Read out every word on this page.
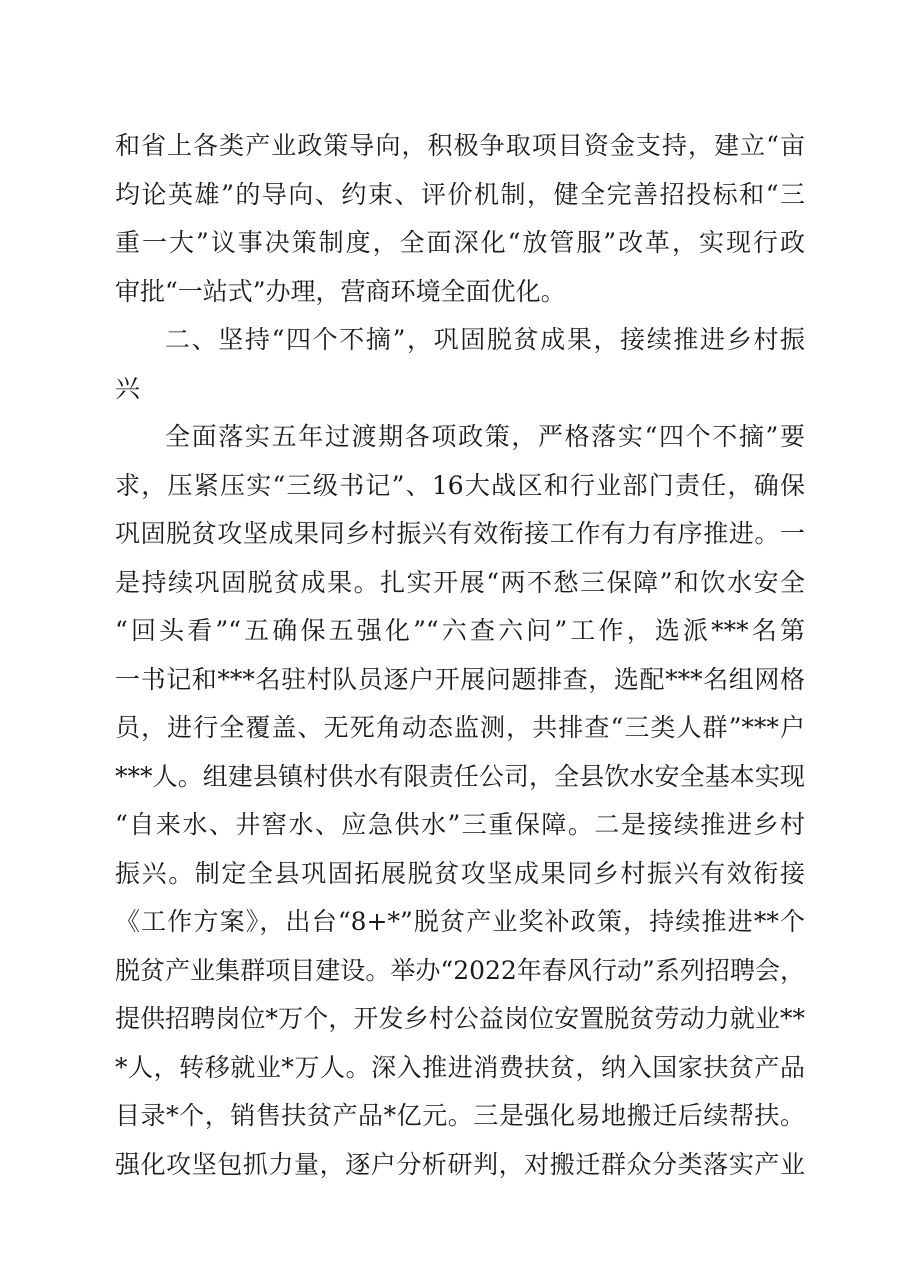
和省上各类产业政策导向，积极争取项目资金支持，建立“亩
均论英雄”的导向、约束、评价机制，健全完善招投标和“三
重一大”议事决策制度，全面深化“放管服”改革，实现行政
审批“一站式”办理，营商环境全面优化。
二、坚持“四个不摘”，巩固脱贫成果，接续推进乡村振
兴
全面落实五年过渡期各项政策，严格落实“四个不摘”要
求，压紧压实“三级书记”、16大战区和行业部门责任，确保
巩固脱贫攻坚成果同乡村振兴有效衔接工作有力有序推进。一
是持续巩固脱贫成果。扎实开展“两不愁三保障”和饮水安全
“回头看”“五确保五强化”“六查六问”工作，选派***名第
一书记和***名驻村队员逐户开展问题排查，选配***名组网格
员，进行全覆盖、无死角动态监测，共排查“三类人群”***户
***人。组建县镇村供水有限责任公司，全县饮水安全基本实现
“自来水、井窖水、应急供水”三重保障。二是接续推进乡村
振兴。制定全县巩固拓展脱贫攻坚成果同乡村振兴有效衔接
《工作方案》，出台“8+*”脱贫产业奖补政策，持续推进**个
脱贫产业集群项目建设。举办“2022年春风行动”系列招聘会，
提供招聘岗位*万个，开发乡村公益岗位安置脱贫劳动力就业**
*人，转移就业*万人。深入推进消费扶贫，纳入国家扶贫产品
目录*个，销售扶贫产品*亿元。三是强化易地搬迁后续帮扶。
强化攻坚包抓力量，逐户分析研判，对搬迁群众分类落实产业
